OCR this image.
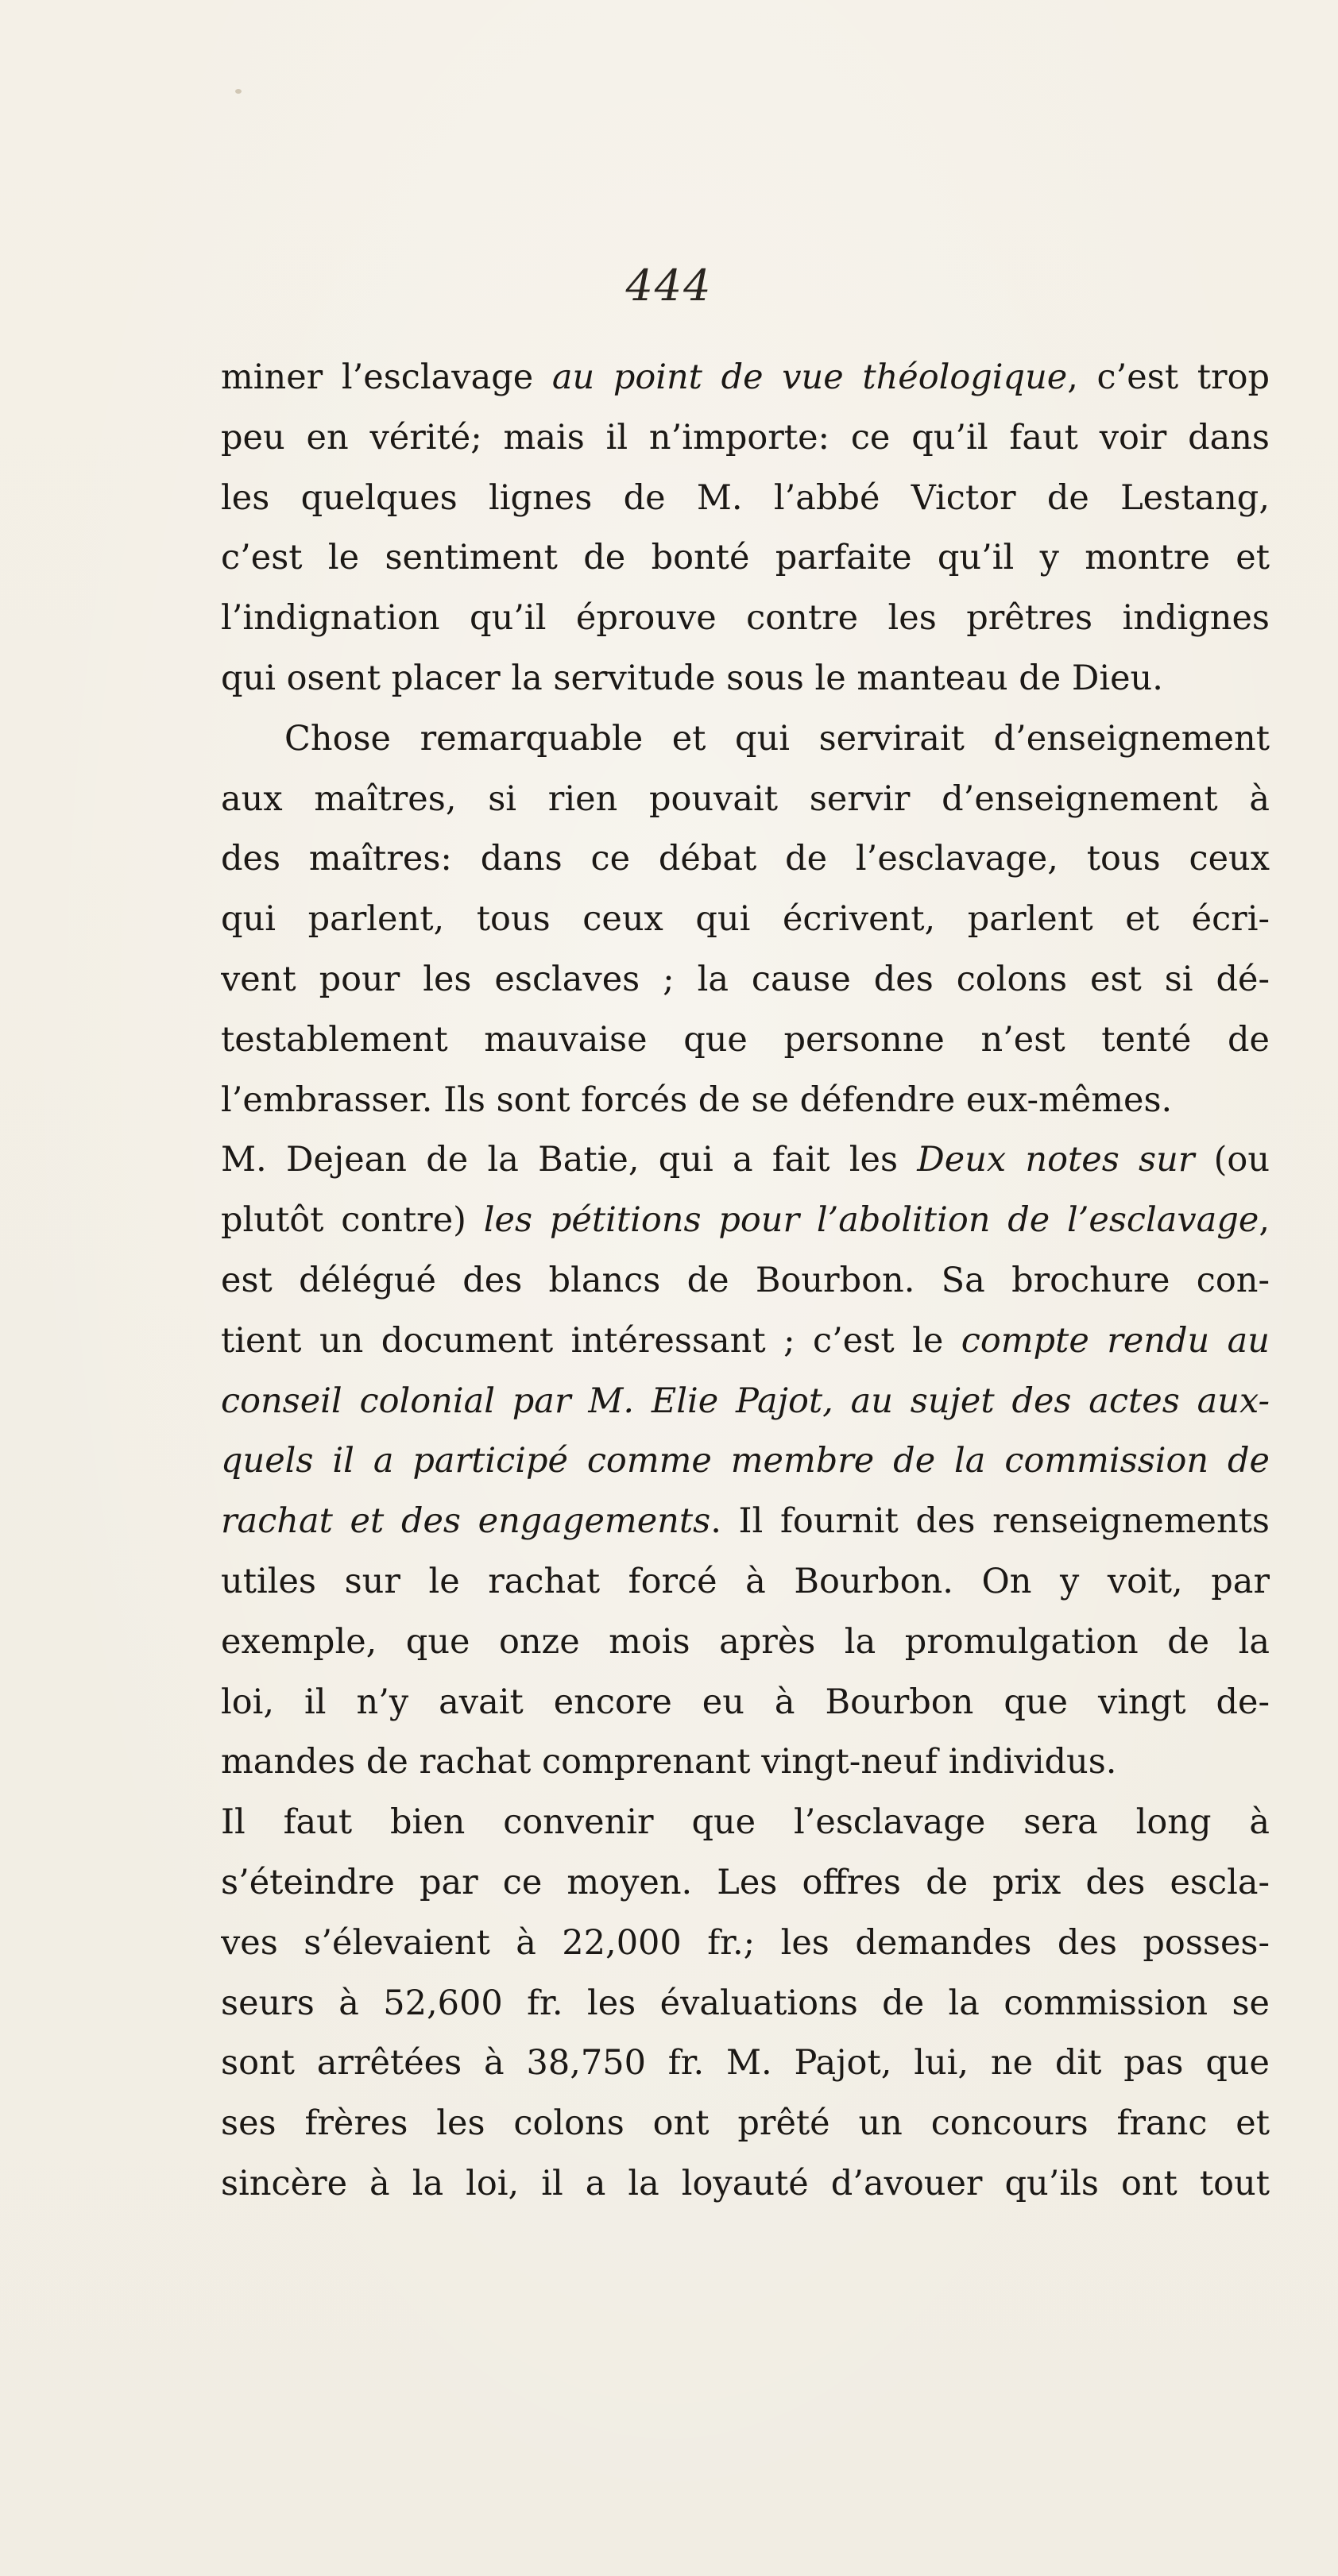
444
miner l’esclavage au point de vue théologique, c’est trop
peu en vérité; mais il n’importe: ce qu’il faut voir dans
les quelques lignes de M. l’abbé Victor de Lestang,
c’est le sentiment de bonté parfaite qu’il y montre et
l’indignation qu’il éprouve contre les prêtres indignes
qui osent placer la servitude sous le manteau de Dieu.
Chose remarquable et qui servirait d’enseignement
aux maîtres, si rien pouvait servir d’enseignement à
des maîtres: dans ce débat de l’esclavage, tous ceux
qui parlent, tous ceux qui écrivent, parlent et écri-
vent pour les esclaves ; la cause des colons est si dé-
testablement mauvaise que personne n’est tenté de
l’embrasser. Ils sont forcés de se défendre eux-mêmes.
M. Dejean de la Batie, qui a fait les Deux notes sur (ou
plutôt contre) les pétitions pour l’abolition de l’esclavage,
est délégué des blancs de Bourbon. Sa brochure con-
tient un document intéressant ; c’est le compte rendu au
conseil colonial par M. Elie Pajot, au sujet des actes aux-
quels il a participé comme membre de la commission de
rachat et des engagements. Il fournit des renseignements
utiles sur le rachat forcé à Bourbon. On y voit, par
exemple, que onze mois après la promulgation de la
loi, il n’y avait encore eu à Bourbon que vingt de-
mandes de rachat comprenant vingt-neuf individus.
Il faut bien convenir que l’esclavage sera long à
s’éteindre par ce moyen. Les offres de prix des escla-
ves s’élevaient à 22,000 fr.; les demandes des posses-
seurs à 52,600 fr. les évaluations de la commission se
sont arrêtées à 38,750 fr. M. Pajot, lui, ne dit pas que
ses frères les colons ont prêté un concours franc et
sincère à la loi, il a la loyauté d’avouer qu’ils ont tout
